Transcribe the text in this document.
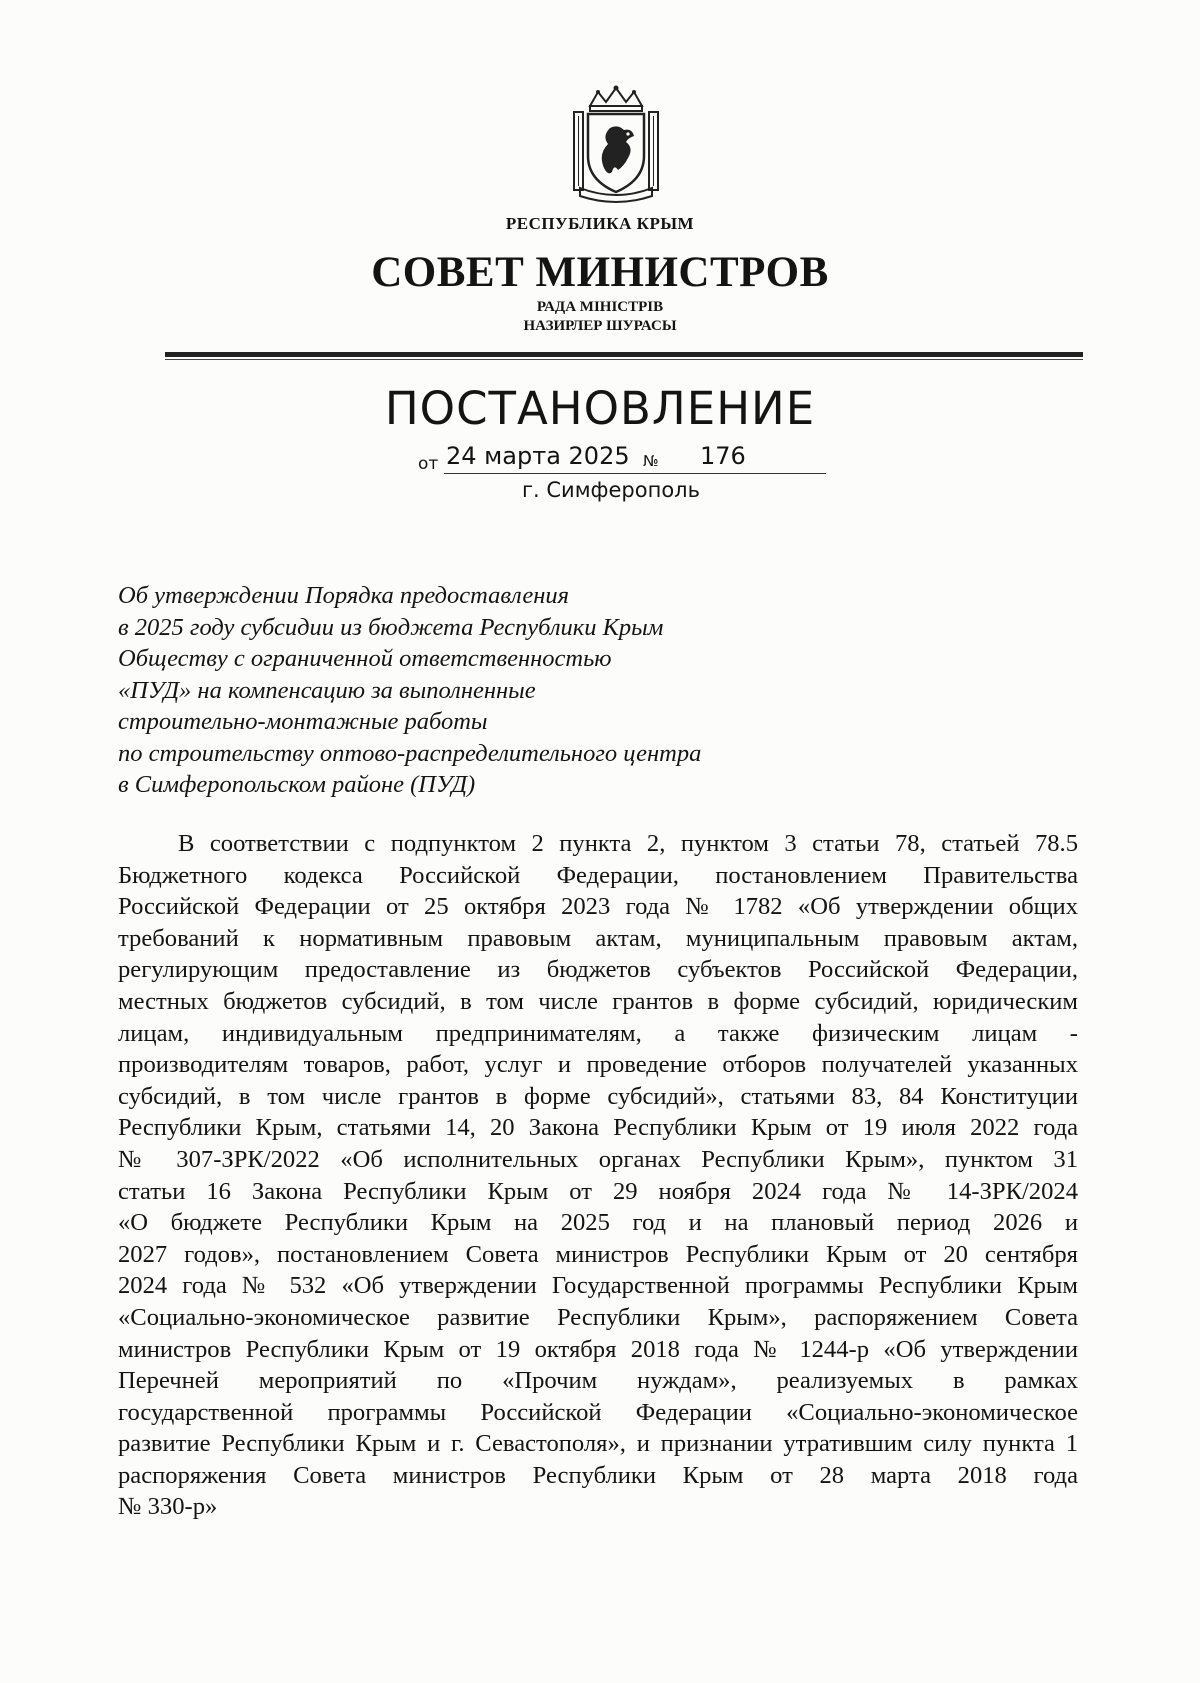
РЕСПУБЛИКА КРЫМ
СОВЕТ МИНИСТРОВ
РАДА МІНІСТРІВ
НАЗИРЛЕР ШУРАСЫ
ПОСТАНОВЛЕНИЕ
от 24 марта 2025 № 176
г. Симферополь
Об утверждении Порядка предоставления
в 2025 году субсидии из бюджета Республики Крым
Обществу с ограниченной ответственностью
«ПУД» на компенсацию за выполненные
строительно-монтажные работы
по строительству оптово-распределительного центра
в Симферопольском районе (ПУД)
В соответствии с подпунктом 2 пункта 2, пунктом 3 статьи 78, статьей 78.5
Бюджетного кодекса Российской Федерации, постановлением Правительства
Российской Федерации от 25 октября 2023 года № 1782 «Об утверждении общих
требований к нормативным правовым актам, муниципальным правовым актам,
регулирующим предоставление из бюджетов субъектов Российской Федерации,
местных бюджетов субсидий, в том числе грантов в форме субсидий, юридическим
лицам, индивидуальным предпринимателям, а также физическим лицам -
производителям товаров, работ, услуг и проведение отборов получателей указанных
субсидий, в том числе грантов в форме субсидий», статьями 83, 84 Конституции
Республики Крым, статьями 14, 20 Закона Республики Крым от 19 июля 2022 года
№ 307-ЗРК/2022 «Об исполнительных органах Республики Крым», пунктом 31
статьи 16 Закона Республики Крым от 29 ноября 2024 года № 14-ЗРК/2024
«О бюджете Республики Крым на 2025 год и на плановый период 2026 и
2027 годов», постановлением Совета министров Республики Крым от 20 сентября
2024 года № 532 «Об утверждении Государственной программы Республики Крым
«Социально-экономическое развитие Республики Крым», распоряжением Совета
министров Республики Крым от 19 октября 2018 года № 1244-р «Об утверждении
Перечней мероприятий по «Прочим нуждам», реализуемых в рамках
государственной программы Российской Федерации «Социально-экономическое
развитие Республики Крым и г. Севастополя», и признании утратившим силу пункта 1
распоряжения Совета министров Республики Крым от 28 марта 2018 года
№ 330-р»
